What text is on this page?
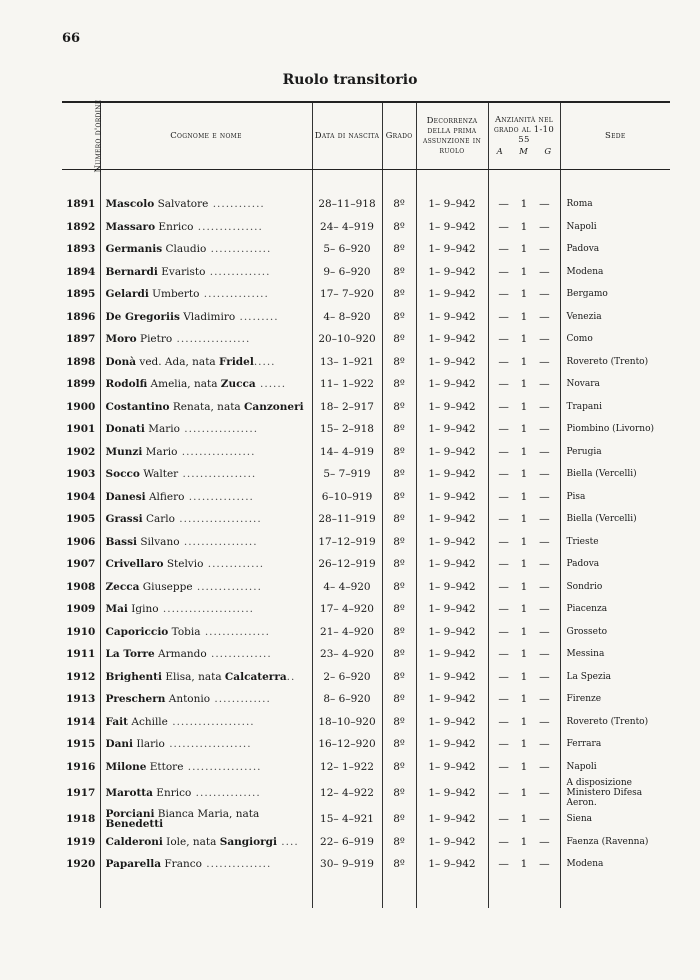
66
Ruolo transitorio
Numero d'ordine	Cognome e nome	Data di nascita	Grado	Decorrenza della prima assunzione in ruolo	Anzianità nel grado al 1-10 55
A M G	Sede

1891	Mascolo Salvatore ............	28–11–918	8º	1– 9–942	— 1 —	Roma
1892	Massaro Enrico ...............	24– 4–919	8º	1– 9–942	— 1 —	Napoli
1893	Germanis Claudio ..............	5– 6–920	8º	1– 9–942	— 1 —	Padova
1894	Bernardi Evaristo ..............	9– 6–920	8º	1– 9–942	— 1 —	Modena
1895	Gelardi Umberto ...............	17– 7–920	8º	1– 9–942	— 1 —	Bergamo
1896	De Gregoriis Vladimiro .........	4– 8–920	8º	1– 9–942	— 1 —	Venezia
1897	Moro Pietro .................	20–10–920	8º	1– 9–942	— 1 —	Como
1898	Donà ved. Ada, nata Fridel.....	13– 1–921	8º	1– 9–942	— 1 —	Rovereto (Trento)
1899	Rodolfi Amelia, nata Zucca ......	11– 1–922	8º	1– 9–942	— 1 —	Novara
1900	Costantino Renata, nata Canzoneri	18– 2–917	8º	1– 9–942	— 1 —	Trapani
1901	Donati Mario .................	15– 2–918	8º	1– 9–942	— 1 —	Piombino (Livorno)
1902	Munzi Mario .................	14– 4–919	8º	1– 9–942	— 1 —	Perugia
1903	Socco Walter .................	5– 7–919	8º	1– 9–942	— 1 —	Biella (Vercelli)
1904	Danesi Alfiero ...............	6–10–919	8º	1– 9–942	— 1 —	Pisa
1905	Grassi Carlo ...................	28–11–919	8º	1– 9–942	— 1 —	Biella (Vercelli)
1906	Bassi Silvano .................	17–12–919	8º	1– 9–942	— 1 —	Trieste
1907	Crivellaro Stelvio .............	26–12–919	8º	1– 9–942	— 1 —	Padova
1908	Zecca Giuseppe ...............	4– 4–920	8º	1– 9–942	— 1 —	Sondrio
1909	Mai Igino .....................	17– 4–920	8º	1– 9–942	— 1 —	Piacenza
1910	Caporiccio Tobia ...............	21– 4–920	8º	1– 9–942	— 1 —	Grosseto
1911	La Torre Armando ..............	23– 4–920	8º	1– 9–942	— 1 —	Messina
1912	Brighenti Elisa, nata Calcaterra..	2– 6–920	8º	1– 9–942	— 1 —	La Spezia
1913	Preschern Antonio .............	8– 6–920	8º	1– 9–942	— 1 —	Firenze
1914	Fait Achille ...................	18–10–920	8º	1– 9–942	— 1 —	Rovereto (Trento)
1915	Dani Ilario ...................	16–12–920	8º	1– 9–942	— 1 —	Ferrara
1916	Milone Ettore .................	12– 1–922	8º	1– 9–942	— 1 —	Napoli
1917	Marotta Enrico ...............	12– 4–922	8º	1– 9–942	— 1 —	A disposizione Ministero Difesa Aeron.
1918	Porciani Bianca Maria, nata Benedetti	15– 4–921	8º	1– 9–942	— 1 —	Siena
1919	Calderoni Iole, nata Sangiorgi ....	22– 6–919	8º	1– 9–942	— 1 —	Faenza (Ravenna)
1920	Paparella Franco ...............	30– 9–919	8º	1– 9–942	— 1 —	Modena
